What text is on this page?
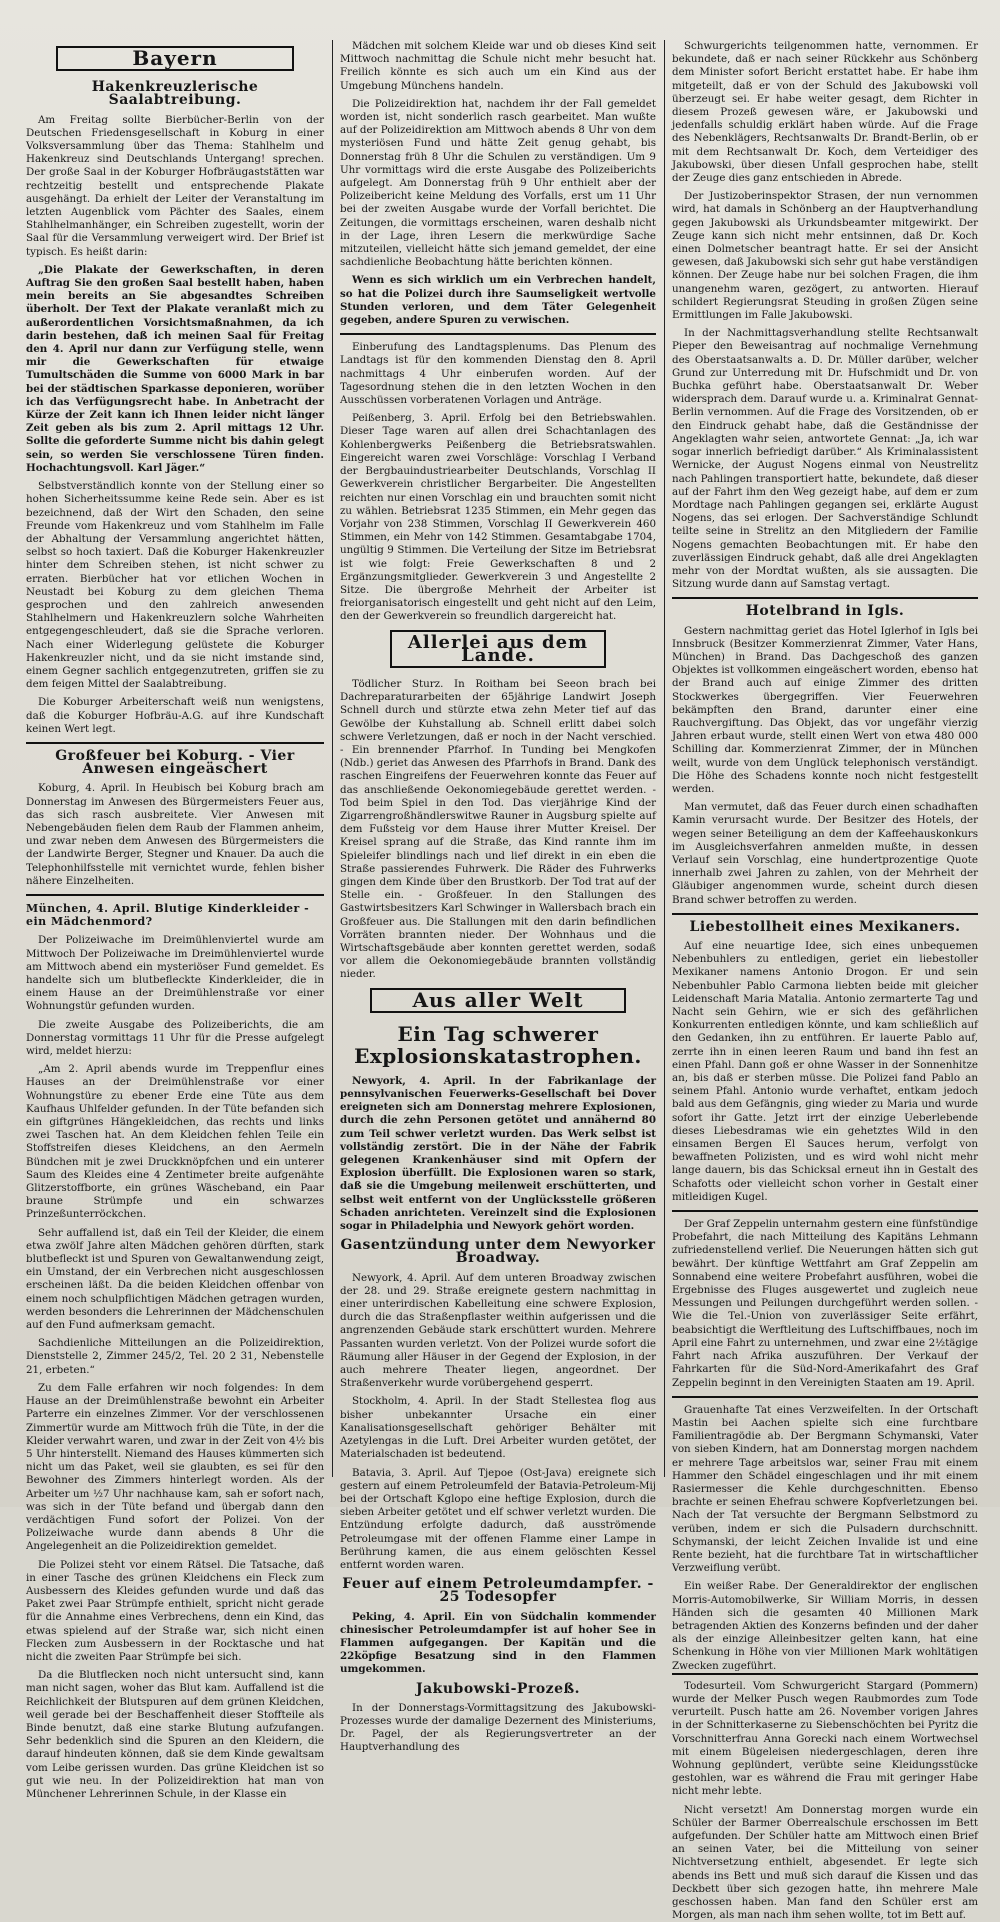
Bayern
Hakenkreuzlerische Saalabtreibung.

Am Freitag sollte Bierbücher-Berlin von der Deutschen Friedensgesellschaft in Koburg in einer Volksversammlung über das Thema: Stahlhelm und Hakenkreuz sind Deutschlands Untergang! sprechen. Der große Saal in der Koburger Hofbräugaststätten war rechtzeitig bestellt und entsprechende Plakate ausgehängt. Da erhielt der Leiter der Veranstaltung im letzten Augenblick vom Pächter des Saales, einem Stahlhelmanhänger, ein Schreiben zugestellt, worin der Saal für die Versammlung verweigert wird. Der Brief ist typisch. Es heißt darin:

„Die Plakate der Gewerkschaften, in deren Auftrag Sie den großen Saal bestellt haben, haben mein bereits an Sie abgesandtes Schreiben überholt. Der Text der Plakate veranlaßt mich zu außerordentlichen Vorsichtsmaßnahmen, da ich darin bestehen, daß ich meinen Saal für Freitag den 4. April nur dann zur Verfügung stelle, wenn mir die Gewerkschaften für etwaige Tumultschäden die Summe von 6000 Mark in bar bei der städtischen Sparkasse deponieren, worüber ich das Verfügungsrecht habe. In Anbetracht der Kürze der Zeit kann ich Ihnen leider nicht länger Zeit geben als bis zum 2. April mittags 12 Uhr. Sollte die geforderte Summe nicht bis dahin gelegt sein, so werden Sie verschlossene Türen finden. Hochachtungsvoll. Karl Jäger.“

Selbstverständlich konnte von der Stellung einer so hohen Sicherheitssumme keine Rede sein. Aber es ist bezeichnend, daß der Wirt den Schaden, den seine Freunde vom Hakenkreuz und vom Stahlhelm im Falle der Abhaltung der Versammlung angerichtet hätten, selbst so hoch taxiert. Daß die Koburger Hakenkreuzler hinter dem Schreiben stehen, ist nicht schwer zu erraten. Bierbücher hat vor etlichen Wochen in Neustadt bei Koburg zu dem gleichen Thema gesprochen und den zahlreich anwesenden Stahlhelmern und Hakenkreuzlern solche Wahrheiten entgegengeschleudert, daß sie die Sprache verloren. Nach einer Widerlegung gelüstete die Koburger Hakenkreuzler nicht, und da sie nicht imstande sind, einem Gegner sachlich entgegenzutreten, griffen sie zu dem feigen Mittel der Saalabtreibung.

Die Koburger Arbeiterschaft weiß nun wenigstens, daß die Koburger Hofbräu-A.G. auf ihre Kundschaft keinen Wert legt.

Großfeuer bei Koburg. - Vier Anwesen eingeäschert

Koburg, 4. April. In Heubisch bei Koburg brach am Donnerstag im Anwesen des Bürgermeisters Feuer aus, das sich rasch ausbreitete. Vier Anwesen mit Nebengebäuden fielen dem Raub der Flammen anheim, und zwar neben dem Anwesen des Bürgermeisters die der Landwirte Berger, Stegner und Knauer. Da auch die Telephonhilfsstelle mit vernichtet wurde, fehlen bisher nähere Einzelheiten.

München, 4. April. Blutige Kinderkleider - ein Mädchenmord?

Der Polizeiwache im Dreimühlenviertel wurde am Mittwoch Der Polizeiwache im Dreimühlenviertel wurde am Mittwoch abend ein mysteriöser Fund gemeldet. Es handelte sich um blutbefleckte Kinderkleider, die in einem Hause an der Dreimühlenstraße vor einer Wohnungstür gefunden wurden.

Die zweite Ausgabe des Polizeiberichts, die am Donnerstag vormittags 11 Uhr für die Presse aufgelegt wird, meldet hierzu:

„Am 2. April abends wurde im Treppenflur eines Hauses an der Dreimühlenstraße vor einer Wohnungstüre zu ebener Erde eine Tüte aus dem Kaufhaus Uhlfelder gefunden. In der Tüte befanden sich ein giftgrünes Hängekleidchen, das rechts und links zwei Taschen hat. An dem Kleidchen fehlen Teile ein Stoffstreifen dieses Kleidchens, an den Aermeln Bündchen mit je zwei Druckknöpfchen und ein unterer Saum des Kleides eine 4 Zentimeter breite aufgenähte Glitzerstoffborte, ein grünes Wäscheband, ein Paar braune Strümpfe und ein schwarzes Prinzeßunterröckchen.

Sehr auffallend ist, daß ein Teil der Kleider, die einem etwa zwölf Jahre alten Mädchen gehören dürften, stark blutbefleckt ist und Spuren von Gewaltanwendung zeigt, ein Umstand, der ein Verbrechen nicht ausgeschlossen erscheinen läßt. Da die beiden Kleidchen offenbar von einem noch schulpflichtigen Mädchen getragen wurden, werden besonders die Lehrerinnen der Mädchenschulen auf den Fund aufmerksam gemacht.

Sachdienliche Mitteilungen an die Polizeidirektion, Dienststelle 2, Zimmer 245/2, Tel. 20 2 31, Nebenstelle 21, erbeten.“

Zu dem Falle erfahren wir noch folgendes: In dem Hause an der Dreimühlenstraße bewohnt ein Arbeiter Parterre ein einzelnes Zimmer. Vor der verschlossenen Zimmertür wurde am Mittwoch früh die Tüte, in der die Kleider verwahrt waren, und zwar in der Zeit von 4½ bis 5 Uhr hinterstellt. Niemand des Hauses kümmerten sich nicht um das Paket, weil sie glaubten, es sei für den Bewohner des Zimmers hinterlegt worden. Als der Arbeiter um ½7 Uhr nachhause kam, sah er sofort nach, was sich in der Tüte befand und übergab dann den verdächtigen Fund sofort der Polizei. Von der Polizeiwache wurde dann abends 8 Uhr die Angelegenheit an die Polizeidirektion gemeldet.

Die Polizei steht vor einem Rätsel. Die Tatsache, daß in einer Tasche des grünen Kleidchens ein Fleck zum Ausbessern des Kleides gefunden wurde und daß das Paket zwei Paar Strümpfe enthielt, spricht nicht gerade für die Annahme eines Verbrechens, denn ein Kind, das etwas spielend auf der Straße war, sich nicht einen Flecken zum Ausbessern in der Rocktasche und hat nicht die zweiten Paar Strümpfe bei sich.

Da die Blutflecken noch nicht untersucht sind, kann man nicht sagen, woher das Blut kam. Auffallend ist die Reichlichkeit der Blutspuren auf dem grünen Kleidchen, weil gerade bei der Beschaffenheit dieser Stoffteile als Binde benutzt, daß eine starke Blutung aufzufangen. Sehr bedenklich sind die Spuren an den Kleidern, die darauf hindeuten können, daß sie dem Kinde gewaltsam vom Leibe gerissen wurden. Das grüne Kleidchen ist so gut wie neu. In der Polizeidirektion hat man von Münchener Lehrerinnen Schule, in der Klasse ein

Mädchen mit solchem Kleide war und ob dieses Kind seit Mittwoch nachmittag die Schule nicht mehr besucht hat. Freilich könnte es sich auch um ein Kind aus der Umgebung Münchens handeln.

Die Polizeidirektion hat, nachdem ihr der Fall gemeldet worden ist, nicht sonderlich rasch gearbeitet. Man wußte auf der Polizeidirektion am Mittwoch abends 8 Uhr von dem mysteriösen Fund und hätte Zeit genug gehabt, bis Donnerstag früh 8 Uhr die Schulen zu verständigen. Um 9 Uhr vormittags wird die erste Ausgabe des Polizeiberichts aufgelegt. Am Donnerstag früh 9 Uhr enthielt aber der Polizeibericht keine Meldung des Vorfalls, erst um 11 Uhr bei der zweiten Ausgabe wurde der Vorfall berichtet. Die Zeitungen, die vormittags erscheinen, waren deshalb nicht in der Lage, ihren Lesern die merkwürdige Sache mitzuteilen, vielleicht hätte sich jemand gemeldet, der eine sachdienliche Beobachtung hätte berichten können.

Wenn es sich wirklich um ein Verbrechen handelt, so hat die Polizei durch ihre Saumseligkeit wertvolle Stunden verloren, und dem Täter Gelegenheit gegeben, andere Spuren zu verwischen.

Einberufung des Landtagsplenums. Das Plenum des Landtags ist für den kommenden Dienstag den 8. April nachmittags 4 Uhr einberufen worden. Auf der Tagesordnung stehen die in den letzten Wochen in den Ausschüssen vorberatenen Vorlagen und Anträge.

Peißenberg, 3. April. Erfolg bei den Betriebswahlen. Dieser Tage waren auf allen drei Schachtanlagen des Kohlenbergwerks Peißenberg die Betriebsratswahlen. Eingereicht waren zwei Vorschläge: Vorschlag I Verband der Bergbauindustriearbeiter Deutschlands, Vorschlag II Gewerkverein christlicher Bergarbeiter. Die Angestellten reichten nur einen Vorschlag ein und brauchten somit nicht zu wählen. Betriebsrat 1235 Stimmen, ein Mehr gegen das Vorjahr von 238 Stimmen, Vorschlag II Gewerkverein 460 Stimmen, ein Mehr von 142 Stimmen. Gesamtabgabe 1704, ungültig 9 Stimmen. Die Verteilung der Sitze im Betriebsrat ist wie folgt: Freie Gewerkschaften 8 und 2 Ergänzungsmitglieder. Gewerkverein 3 und Angestellte 2 Sitze. Die übergroße Mehrheit der Arbeiter ist freiorganisatorisch eingestellt und geht nicht auf den Leim, den der Gewerkverein so freundlich dargereicht hat.

Allerlei aus dem Lande.

Tödlicher Sturz. In Roitham bei Seeon brach bei Dachreparaturarbeiten der 65jährige Landwirt Joseph Schnell durch und stürzte etwa zehn Meter tief auf das Gewölbe der Kuhstallung ab. Schnell erlitt dabei solch schwere Verletzungen, daß er noch in der Nacht verschied. - Ein brennender Pfarrhof. In Tunding bei Mengkofen (Ndb.) geriet das Anwesen des Pfarrhofs in Brand. Dank des raschen Eingreifens der Feuerwehren konnte das Feuer auf das anschließende Oekonomiegebäude gerettet werden. - Tod beim Spiel in den Tod. Das vierjährige Kind der Zigarrengroßhändlerswitwe Rauner in Augsburg spielte auf dem Fußsteig vor dem Hause ihrer Mutter Kreisel. Der Kreisel sprang auf die Straße, das Kind rannte ihm im Spieleifer blindlings nach und lief direkt in ein eben die Straße passierendes Fuhrwerk. Die Räder des Fuhrwerks gingen dem Kinde über den Brustkorb. Der Tod trat auf der Stelle ein. - Großfeuer. In den Stallungen des Gastwirtsbesitzers Karl Schwinger in Wallersbach brach ein Großfeuer aus. Die Stallungen mit den darin befindlichen Vorräten brannten nieder. Der Wohnhaus und die Wirtschaftsgebäude aber konnten gerettet werden, sodaß vor allem die Oekonomiegebäude brannten vollständig nieder.

Aus aller Welt
Ein Tag schwerer Explosionskatastrophen.

Newyork, 4. April. In der Fabrikanlage der pennsylvanischen Feuerwerks-Gesellschaft bei Dover ereigneten sich am Donnerstag mehrere Explosionen, durch die zehn Personen getötet und annähernd 80 zum Teil schwer verletzt wurden. Das Werk selbst ist vollständig zerstört. Die in der Nähe der Fabrik gelegenen Krankenhäuser sind mit Opfern der Explosion überfüllt. Die Explosionen waren so stark, daß sie die Umgebung meilenweit erschütterten, und selbst weit entfernt von der Unglücksstelle größeren Schaden anrichteten. Vereinzelt sind die Explosionen sogar in Philadelphia und Newyork gehört worden.

Gasentzündung unter dem Newyorker Broadway.

Newyork, 4. April. Auf dem unteren Broadway zwischen der 28. und 29. Straße ereignete gestern nachmittag in einer unterirdischen Kabelleitung eine schwere Explosion, durch die das Straßenpflaster weithin aufgerissen und die angrenzenden Gebäude stark erschüttert wurden. Mehrere Passanten wurden verletzt. Von der Polizei wurde sofort die Räumung aller Häuser in der Gegend der Explosion, in der auch mehrere Theater liegen, angeordnet. Der Straßenverkehr wurde vorübergehend gesperrt.

Stockholm, 4. April. In der Stadt Stellestea flog aus bisher unbekannter Ursache ein einer Kanalisationsgesellschaft gehöriger Behälter mit Azetylengas in die Luft. Drei Arbeiter wurden getötet, der Materialschaden ist bedeutend.

Batavia, 3. April. Auf Tjepoe (Ost-Java) ereignete sich gestern auf einem Petroleumfeld der Batavia-Petroleum-Mij bei der Ortschaft Kglopo eine heftige Explosion, durch die sieben Arbeiter getötet und elf schwer verletzt wurden. Die Entzündung erfolgte dadurch, daß ausströmende Petroleumgase mit der offenen Flamme einer Lampe in Berührung kamen, die aus einem gelöschten Kessel entfernt worden waren.

Feuer auf einem Petroleumdampfer. - 25 Todesopfer

Peking, 4. April. Ein von Südchalin kommender chinesischer Petroleumdampfer ist auf hoher See in Flammen aufgegangen. Der Kapitän und die 22köpfige Besatzung sind in den Flammen umgekommen.

Jakubowski-Prozeß.

In der Donnerstags-Vormittagsitzung des Jakubowski-Prozesses wurde der damalige Dezernent des Ministeriums, Dr. Pagel, der als Regierungsvertreter an der Hauptverhandlung des

Schwurgerichts teilgenommen hatte, vernommen. Er bekundete, daß er nach seiner Rückkehr aus Schönberg dem Minister sofort Bericht erstattet habe. Er habe ihm mitgeteilt, daß er von der Schuld des Jakubowski voll überzeugt sei. Er habe weiter gesagt, dem Richter in diesem Prozeß gewesen wäre, er Jakubowski und jedenfalls schuldig erklärt haben würde. Auf die Frage des Nebenklägers, Rechtsanwalts Dr. Brandt-Berlin, ob er mit dem Rechtsanwalt Dr. Koch, dem Verteidiger des Jakubowski, über diesen Unfall gesprochen habe, stellt der Zeuge dies ganz entschieden in Abrede.

Der Justizoberinspektor Strasen, der nun vernommen wird, hat damals in Schönberg an der Hauptverhandlung gegen Jakubowski als Urkundsbeamter mitgewirkt. Der Zeuge kann sich nicht mehr entsinnen, daß Dr. Koch einen Dolmetscher beantragt hatte. Er sei der Ansicht gewesen, daß Jakubowski sich sehr gut habe verständigen können. Der Zeuge habe nur bei solchen Fragen, die ihm unangenehm waren, gezögert, zu antworten. Hierauf schildert Regierungsrat Steuding in großen Zügen seine Ermittlungen im Falle Jakubowski.

In der Nachmittagsverhandlung stellte Rechtsanwalt Pieper den Beweisantrag auf nochmalige Vernehmung des Oberstaatsanwalts a. D. Dr. Müller darüber, welcher Grund zur Unterredung mit Dr. Hufschmidt und Dr. von Buchka geführt habe. Oberstaatsanwalt Dr. Weber widersprach dem. Darauf wurde u. a. Kriminalrat Gennat-Berlin vernommen. Auf die Frage des Vorsitzenden, ob er den Eindruck gehabt habe, daß die Geständnisse der Angeklagten wahr seien, antwortete Gennat: „Ja, ich war sogar innerlich befriedigt darüber.“ Als Kriminalassistent Wernicke, der August Nogens einmal von Neustrelitz nach Pahlingen transportiert hatte, bekundete, daß dieser auf der Fahrt ihm den Weg gezeigt habe, auf dem er zum Mordtage nach Pahlingen gegangen sei, erklärte August Nogens, das sei erlogen. Der Sachverständige Schlundt teilte seine in Strelitz an den Mitgliedern der Familie Nogens gemachten Beobachtungen mit. Er habe den zuverlässigen Eindruck gehabt, daß alle drei Angeklagten mehr von der Mordtat wußten, als sie aussagten. Die Sitzung wurde dann auf Samstag vertagt.

Hotelbrand in Igls.

Gestern nachmittag geriet das Hotel Iglerhof in Igls bei Innsbruck (Besitzer Kommerzienrat Zimmer, Vater Hans, München) in Brand. Das Dachgeschoß des ganzen Objektes ist vollkommen eingeäschert worden, ebenso hat der Brand auch auf einige Zimmer des dritten Stockwerkes übergegriffen. Vier Feuerwehren bekämpften den Brand, darunter einer eine Rauchvergiftung. Das Objekt, das vor ungefähr vierzig Jahren erbaut wurde, stellt einen Wert von etwa 480 000 Schilling dar. Kommerzienrat Zimmer, der in München weilt, wurde von dem Unglück telephonisch verständigt. Die Höhe des Schadens konnte noch nicht festgestellt werden.

Man vermutet, daß das Feuer durch einen schadhaften Kamin verursacht wurde. Der Besitzer des Hotels, der wegen seiner Beteiligung an dem der Kaffeehauskonkurs im Ausgleichsverfahren anmelden mußte, in dessen Verlauf sein Vorschlag, eine hundertprozentige Quote innerhalb zwei Jahren zu zahlen, von der Mehrheit der Gläubiger angenommen wurde, scheint durch diesen Brand schwer betroffen zu werden.

Liebestollheit eines Mexikaners.

Auf eine neuartige Idee, sich eines unbequemen Nebenbuhlers zu entledigen, geriet ein liebestoller Mexikaner namens Antonio Drogon. Er und sein Nebenbuhler Pablo Carmona liebten beide mit gleicher Leidenschaft Maria Matalia. Antonio zermarterte Tag und Nacht sein Gehirn, wie er sich des gefährlichen Konkurrenten entledigen könnte, und kam schließlich auf den Gedanken, ihn zu entführen. Er lauerte Pablo auf, zerrte ihn in einen leeren Raum und band ihn fest an einen Pfahl. Dann goß er ohne Wasser in der Sonnenhitze an, bis daß er sterben müsse. Die Polizei fand Pablo an seinem Pfahl. Antonio wurde verhaftet, entkam jedoch bald aus dem Gefängnis, ging wieder zu Maria und wurde sofort ihr Gatte. Jetzt irrt der einzige Ueberlebende dieses Liebesdramas wie ein gehetztes Wild in den einsamen Bergen El Sauces herum, verfolgt von bewaffneten Polizisten, und es wird wohl nicht mehr lange dauern, bis das Schicksal erneut ihn in Gestalt des Schafotts oder vielleicht schon vorher in Gestalt einer mitleidigen Kugel.

Der Graf Zeppelin unternahm gestern eine fünfstündige Probefahrt, die nach Mitteilung des Kapitäns Lehmann zufriedenstellend verlief. Die Neuerungen hätten sich gut bewährt. Der künftige Wettfahrt am Graf Zeppelin am Sonnabend eine weitere Probefahrt ausführen, wobei die Ergebnisse des Fluges ausgewertet und zugleich neue Messungen und Peilungen durchgeführt werden sollen. - Wie die Tel.-Union von zuverlässiger Seite erfährt, beabsichtigt die Werftleitung des Luftschiffbaues, noch im April eine Fahrt zu unternehmen, und zwar eine 2½tägige Fahrt nach Afrika auszuführen. Der Verkauf der Fahrkarten für die Süd-Nord-Amerikafahrt des Graf Zeppelin beginnt in den Vereinigten Staaten am 19. April.

Grauenhafte Tat eines Verzweifelten. In der Ortschaft Mastin bei Aachen spielte sich eine furchtbare Familientragödie ab. Der Bergmann Schymanski, Vater von sieben Kindern, hat am Donnerstag morgen nachdem er mehrere Tage arbeitslos war, seiner Frau mit einem Hammer den Schädel eingeschlagen und ihr mit einem Rasiermesser die Kehle durchgeschnitten. Ebenso brachte er seinen Ehefrau schwere Kopfverletzungen bei. Nach der Tat versuchte der Bergmann Selbstmord zu verüben, indem er sich die Pulsadern durchschnitt. Schymanski, der leicht Zeichen Invalide ist und eine Rente bezieht, hat die furchtbare Tat in wirtschaftlicher Verzweiflung verübt.

Ein weißer Rabe. Der Generaldirektor der englischen Morris-Automobilwerke, Sir William Morris, in dessen Händen sich die gesamten 40 Millionen Mark betragenden Aktien des Konzerns befinden und der daher als der einzige Alleinbesitzer gelten kann, hat eine Schenkung in Höhe von vier Millionen Mark wohltätigen Zwecken zugeführt.

Todesurteil. Vom Schwurgericht Stargard (Pommern) wurde der Melker Pusch wegen Raubmordes zum Tode verurteilt. Pusch hatte am 26. November vorigen Jahres in der Schnitterkaserne zu Siebenschöchten bei Pyritz die Vorschnitterfrau Anna Gorecki nach einem Wortwechsel mit einem Bügeleisen niedergeschlagen, deren ihre Wohnung geplündert, verübte seine Kleidungsstücke gestohlen, war es während die Frau mit geringer Habe nicht mehr lebte.

Nicht versetzt! Am Donnerstag morgen wurde ein Schüler der Barmer Oberrealschule erschossen im Bett aufgefunden. Der Schüler hatte am Mittwoch einen Brief an seinen Vater, bei die Mitteilung von seiner Nichtversetzung enthielt, abgesendet. Er legte sich abends ins Bett und muß sich darauf die Kissen und das Deckbett über sich gezogen hatte, ihn mehrere Male geschossen haben. Man fand den Schüler erst am Morgen, als man nach ihm sehen wollte, tot im Bett auf.
